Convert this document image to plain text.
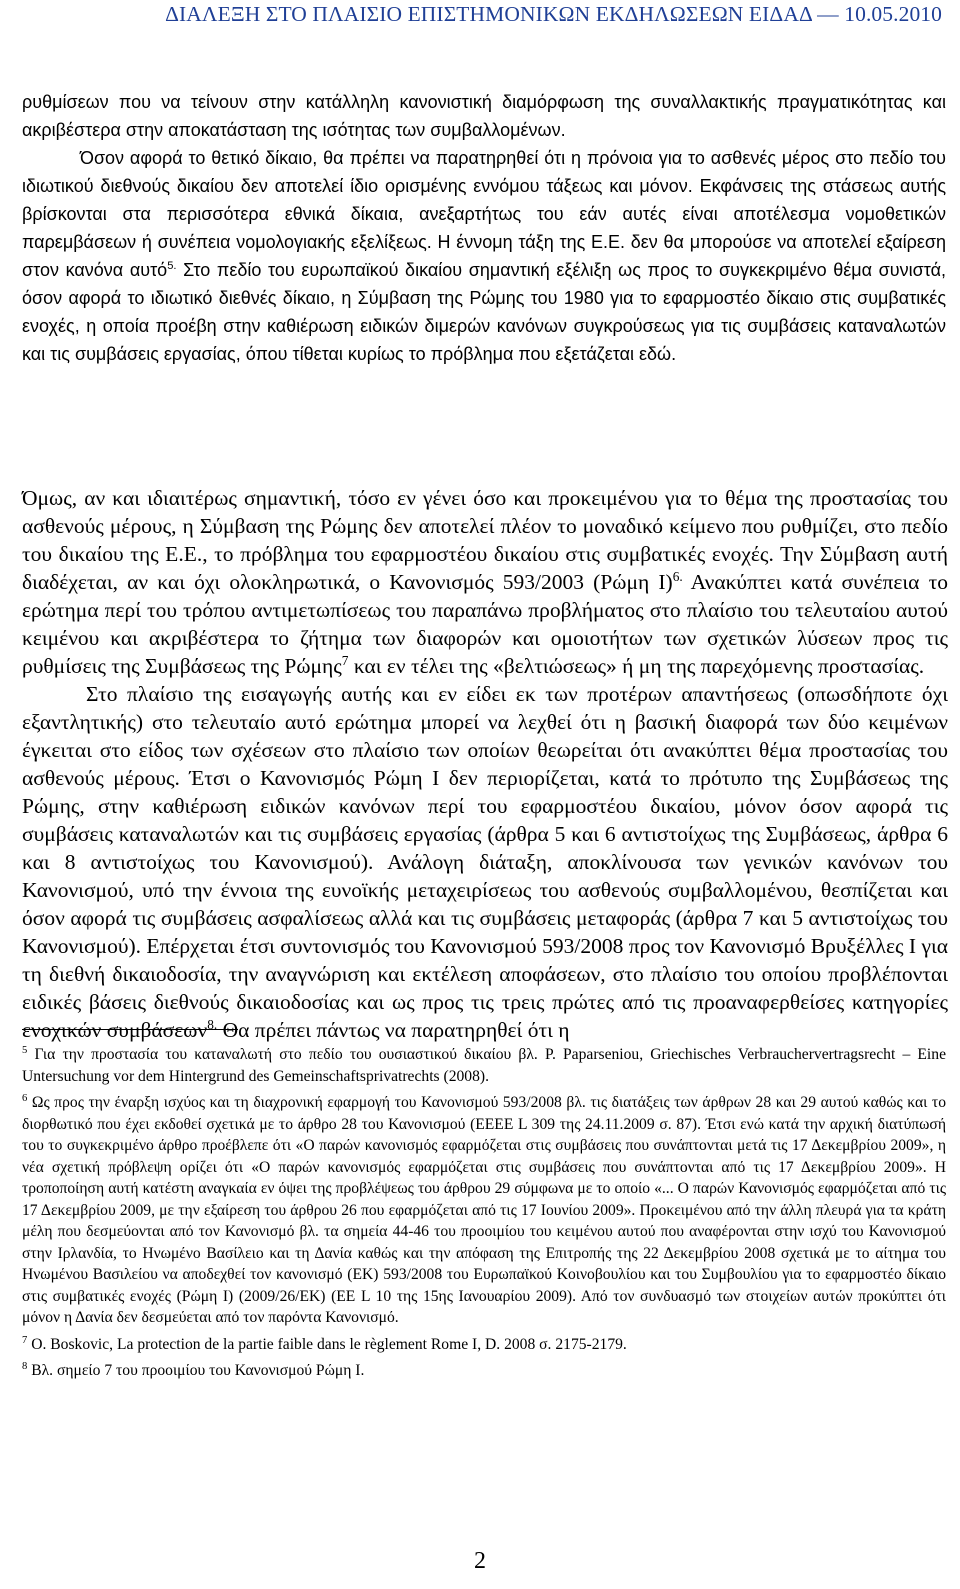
ΔΙΑΛΕΞΗ ΣΤΟ ΠΛΑΙΣΙΟ ΕΠΙΣΤΗΜΟΝΙΚΩΝ ΕΚΔΗΛΩΣΕΩΝ ΕΙΔΑΔ — 10.05.2010
ρυθμίσεων που να τείνουν στην κατάλληλη κανονιστική διαμόρφωση της συναλλακτικής πραγματικότητας και ακριβέστερα στην αποκατάσταση της ισότητας των συμβαλλομένων.
Όσον αφορά το θετικό δίκαιο, θα πρέπει να παρατηρηθεί ότι η πρόνοια για το ασθενές μέρος στο πεδίο του ιδιωτικού διεθνούς δικαίου δεν αποτελεί ίδιο ορισμένης εννόμου τάξεως και μόνον. Εκφάνσεις της στάσεως αυτής βρίσκονται στα περισσότερα εθνικά δίκαια, ανεξαρτήτως του εάν αυτές είναι αποτέλεσμα νομοθετικών παρεμβάσεων ή συνέπεια νομολογιακής εξελίξεως. Η έννομη τάξη της Ε.Ε. δεν θα μπορούσε να αποτελεί εξαίρεση στον κανόνα αυτό$^{5.}$ Στο πεδίο του ευρωπαϊκού δικαίου σημαντική εξέλιξη ως προς το συγκεκριμένο θέμα συνιστά, όσον αφορά το ιδιωτικό διεθνές δίκαιο, η Σύμβαση της Ρώμης του 1980 για το εφαρμοστέο δίκαιο στις συμβατικές ενοχές, η οποία προέβη στην καθιέρωση ειδικών διμερών κανόνων συγκρούσεως για τις συμβάσεις καταναλωτών και τις συμβάσεις εργασίας, όπου τίθεται κυρίως το πρόβλημα που εξετάζεται εδώ.

Όμως, αν και ιδιαιτέρως σημαντική, τόσο εν γένει όσο και προκειμένου για το θέμα της προστασίας του ασθενούς μέρους, η Σύμβαση της Ρώμης δεν αποτελεί πλέον το μοναδικό κείμενο που ρυθμίζει, στο πεδίο του δικαίου της Ε.Ε., το πρόβλημα του εφαρμοστέου δικαίου στις συμβατικές ενοχές. Την Σύμβαση αυτή διαδέχεται, αν και όχι ολοκληρωτικά, ο Κανονισμός 593/2003 (Ρώμη Ι)$^{6.}$ Ανακύπτει κατά συνέπεια το ερώτημα περί του τρόπου αντιμετωπίσεως του παραπάνω προβλήματος στο πλαίσιο του τελευταίου αυτού κειμένου και ακριβέστερα το ζήτημα των διαφορών και ομοιοτήτων των σχετικών λύσεων προς τις ρυθμίσεις της Συμβάσεως της Ρώμης$^7$ και εν τέλει της «βελτιώσεως» ή μη της παρεχόμενης προστασίας.

Στο πλαίσιο της εισαγωγής αυτής και εν είδει εκ των προτέρων απαντήσεως (οπωσδήποτε όχι εξαντλητικής) στο τελευταίο αυτό ερώτημα μπορεί να λεχθεί ότι η βασική διαφορά των δύο κειμένων έγκειται στο είδος των σχέσεων στο πλαίσιο των οποίων θεωρείται ότι ανακύπτει θέμα προστασίας του ασθενούς μέρους. Έτσι ο Κανονισμός Ρώμη Ι δεν περιορίζεται, κατά το πρότυπο της Συμβάσεως της Ρώμης, στην καθιέρωση ειδικών κανόνων περί του εφαρμοστέου δικαίου, μόνον όσον αφορά τις συμβάσεις καταναλωτών και τις συμβάσεις εργασίας (άρθρα 5 και 6 αντιστοίχως της Συμβάσεως, άρθρα 6 και 8 αντιστοίχως του Κανονισμού). Ανάλογη διάταξη, αποκλίνουσα των γενικών κανόνων του Κανονισμού, υπό την έννοια της ευνοϊκής μεταχειρίσεως του ασθενούς συμβαλλομένου, θεσπίζεται και όσον αφορά τις συμβάσεις ασφαλίσεως αλλά και τις συμβάσεις μεταφοράς (άρθρα 7 και 5 αντιστοίχως του Κανονισμού). Επέρχεται έτσι συντονισμός του Κανονισμού 593/2008 προς τον Κανονισμό Βρυξέλλες Ι για τη διεθνή δικαιοδοσία, την αναγνώριση και εκτέλεση αποφάσεων, στο πλαίσιο του οποίου προβλέπονται ειδικές βάσεις διεθνούς δικαιοδοσίας και ως προς τις τρεις πρώτες από τις προαναφερθείσες κατηγορίες ενοχικών συμβάσεων$^{8.}$ Θα πρέπει πάντως να παρατηρηθεί ότι η

$^5$ Για την προστασία του καταναλωτή στο πεδίο του ουσιαστικού δικαίου βλ. P. Paparseniou, Griechisches Verbrauchervertragsrecht – Eine Untersuchung vor dem Hintergrund des Gemeinschaftsprivatrechts (2008).

$^6$ Ως προς την έναρξη ισχύος και τη διαχρονική εφαρμογή του Κανονισμού 593/2008 βλ. τις διατάξεις των άρθρων 28 και 29 αυτού καθώς και το διορθωτικό που έχει εκδοθεί σχετικά με το άρθρο 28 του Κανονισμού (ΕΕΕΕ L 309 της 24.11.2009 σ. 87). Έτσι ενώ κατά την αρχική διατύπωσή του το συγκεκριμένο άρθρο προέβλεπε ότι «Ο παρών κανονισμός εφαρμόζεται στις συμβάσεις που συνάπτονται μετά τις 17 Δεκεμβρίου 2009», η νέα σχετική πρόβλεψη ορίζει ότι «Ο παρών κανονισμός εφαρμόζεται στις συμβάσεις που συνάπτονται από τις 17 Δεκεμβρίου 2009». Η τροποποίηση αυτή κατέστη αναγκαία εν όψει της προβλέψεως του άρθρου 29 σύμφωνα με το οποίο «... Ο παρών Κανονισμός εφαρμόζεται από τις 17 Δεκεμβρίου 2009, με την εξαίρεση του άρθρου 26 που εφαρμόζεται από τις 17 Ιουνίου 2009». Προκειμένου από την άλλη πλευρά για τα κράτη μέλη που δεσμεύονται από τον Κανονισμό βλ. τα σημεία 44-46 του προοιμίου του κειμένου αυτού που αναφέρονται στην ισχύ του Κανονισμού στην Ιρλανδία, το Ηνωμένο Βασίλειο και τη Δανία καθώς και την απόφαση της Επιτροπής της 22 Δεκεμβρίου 2008 σχετικά με το αίτημα του Ηνωμένου Βασιλείου να αποδεχθεί τον κανονισμό (ΕΚ) 593/2008 του Ευρωπαϊκού Κοινοβουλίου και του Συμβουλίου για το εφαρμοστέο δίκαιο στις συμβατικές ενοχές (Ρώμη Ι) (2009/26/ΕΚ) (ΕΕ L 10 της 15ης Ιανουαρίου 2009). Από τον συνδυασμό των στοιχείων αυτών προκύπτει ότι μόνον η Δανία δεν δεσμεύεται από τον παρόντα Κανονισμό.

$^7$ O. Boskovic, La protection de la partie faible dans le règlement Rome I, D. 2008 σ. 2175-2179.

$^8$ Βλ. σημείο 7 του προοιμίου του Κανονισμού Ρώμη Ι.

2
